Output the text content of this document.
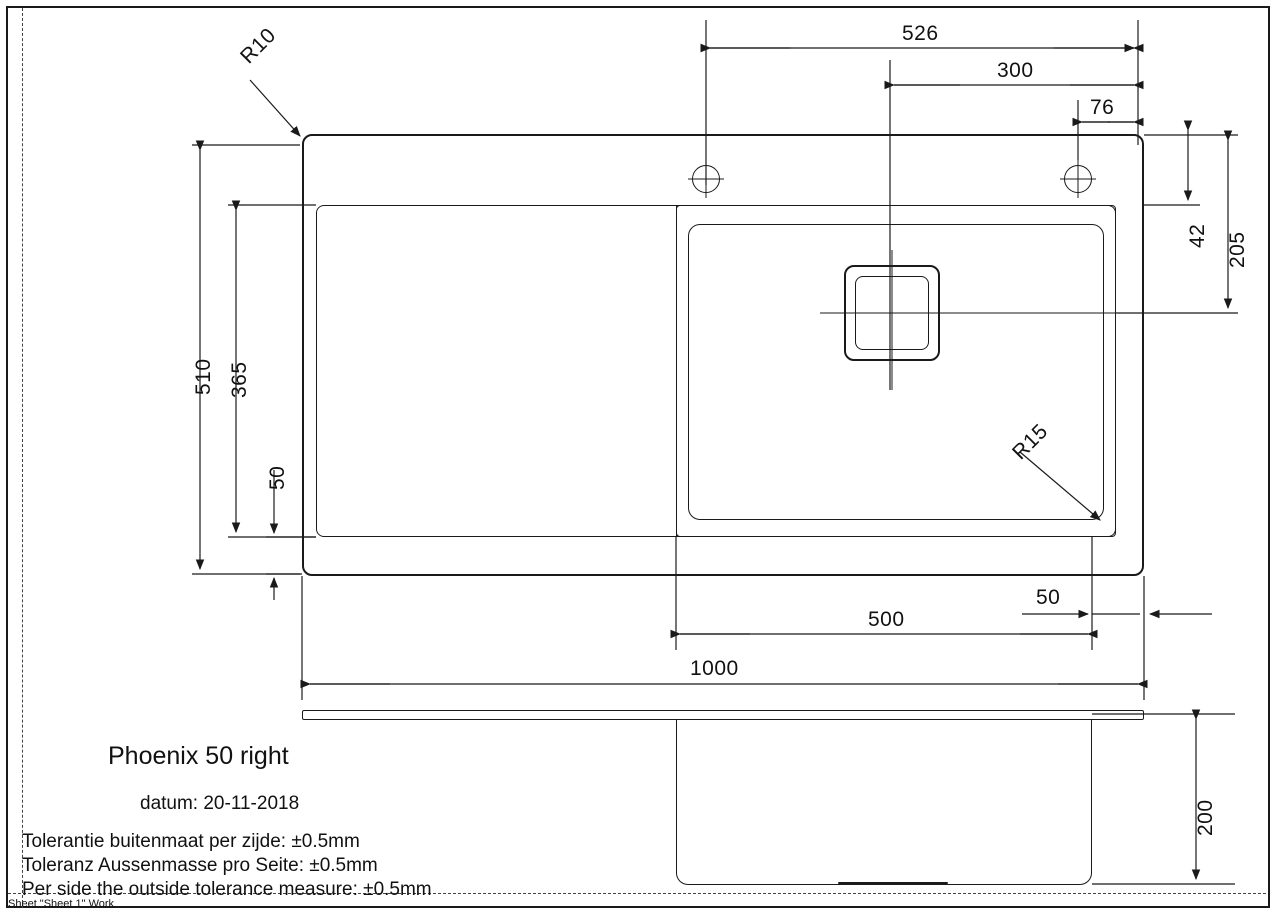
526
300
76
42 205
510 365
50
500
50
1000
200
R10
R15
Phoenix 50 right
datum: 20-11-2018
Tolerantie buitenmaat per zijde: ±0.5mm
Toleranz Aussenmasse pro Seite: ±0.5mm
Per side the outside tolerance measure: ±0.5mm
Sheet "Sheet 1" Work
